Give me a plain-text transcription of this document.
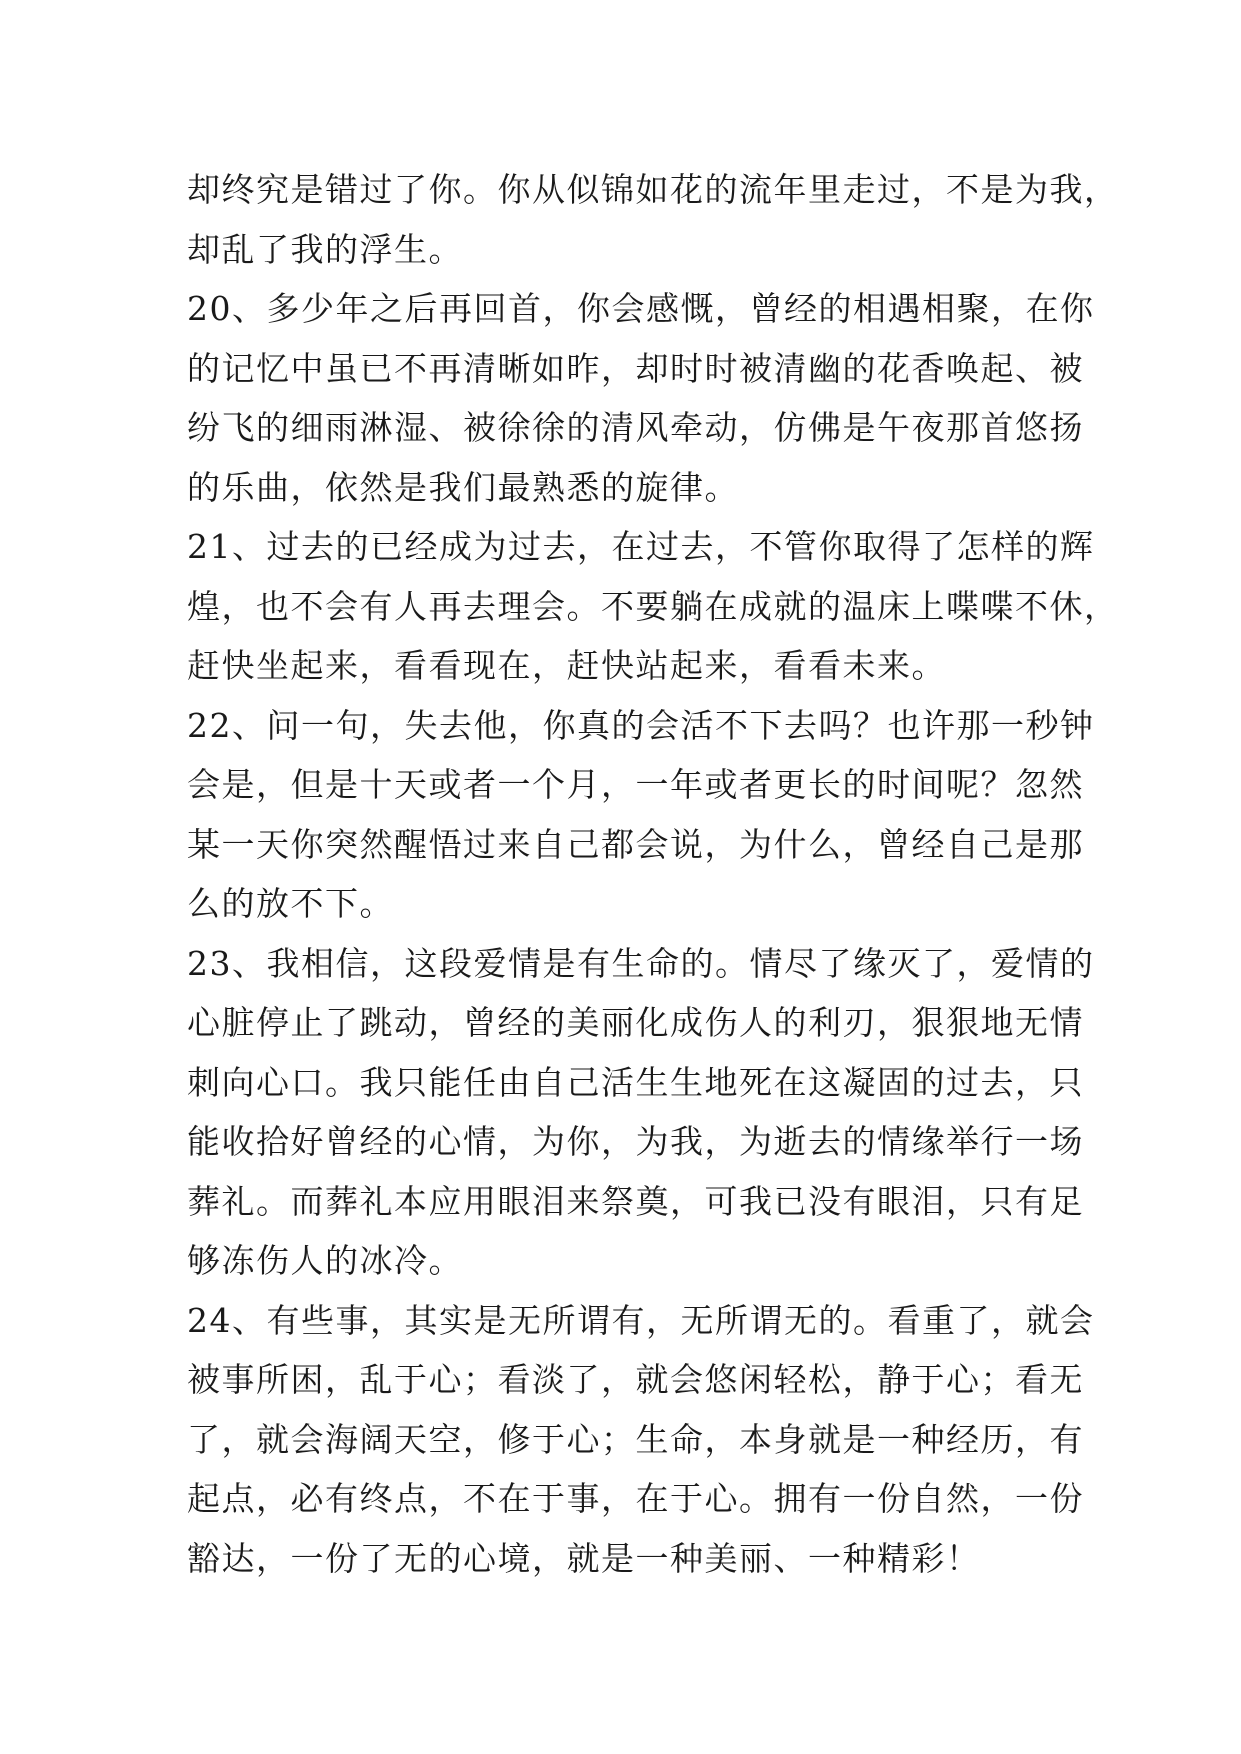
却终究是错过了你。你从似锦如花的流年里走过，不是为我，
却乱了我的浮生。
20、多少年之后再回首，你会感慨，曾经的相遇相聚，在你
的记忆中虽已不再清晰如昨，却时时被清幽的花香唤起、被
纷飞的细雨淋湿、被徐徐的清风牵动，仿佛是午夜那首悠扬
的乐曲，依然是我们最熟悉的旋律。
21、过去的已经成为过去，在过去，不管你取得了怎样的辉
煌，也不会有人再去理会。不要躺在成就的温床上喋喋不休，
赶快坐起来，看看现在，赶快站起来，看看未来。
22、问一句，失去他，你真的会活不下去吗？也许那一秒钟
会是，但是十天或者一个月，一年或者更长的时间呢？忽然
某一天你突然醒悟过来自己都会说，为什么，曾经自己是那
么的放不下。
23、我相信，这段爱情是有生命的。情尽了缘灭了，爱情的
心脏停止了跳动，曾经的美丽化成伤人的利刃，狠狠地无情
刺向心口。我只能任由自己活生生地死在这凝固的过去，只
能收拾好曾经的心情，为你，为我，为逝去的情缘举行一场
葬礼。而葬礼本应用眼泪来祭奠，可我已没有眼泪，只有足
够冻伤人的冰冷。
24、有些事，其实是无所谓有，无所谓无的。看重了，就会
被事所困，乱于心；看淡了，就会悠闲轻松，静于心；看无
了，就会海阔天空，修于心；生命，本身就是一种经历，有
起点，必有终点，不在于事，在于心。拥有一份自然，一份
豁达，一份了无的心境，就是一种美丽、一种精彩！
